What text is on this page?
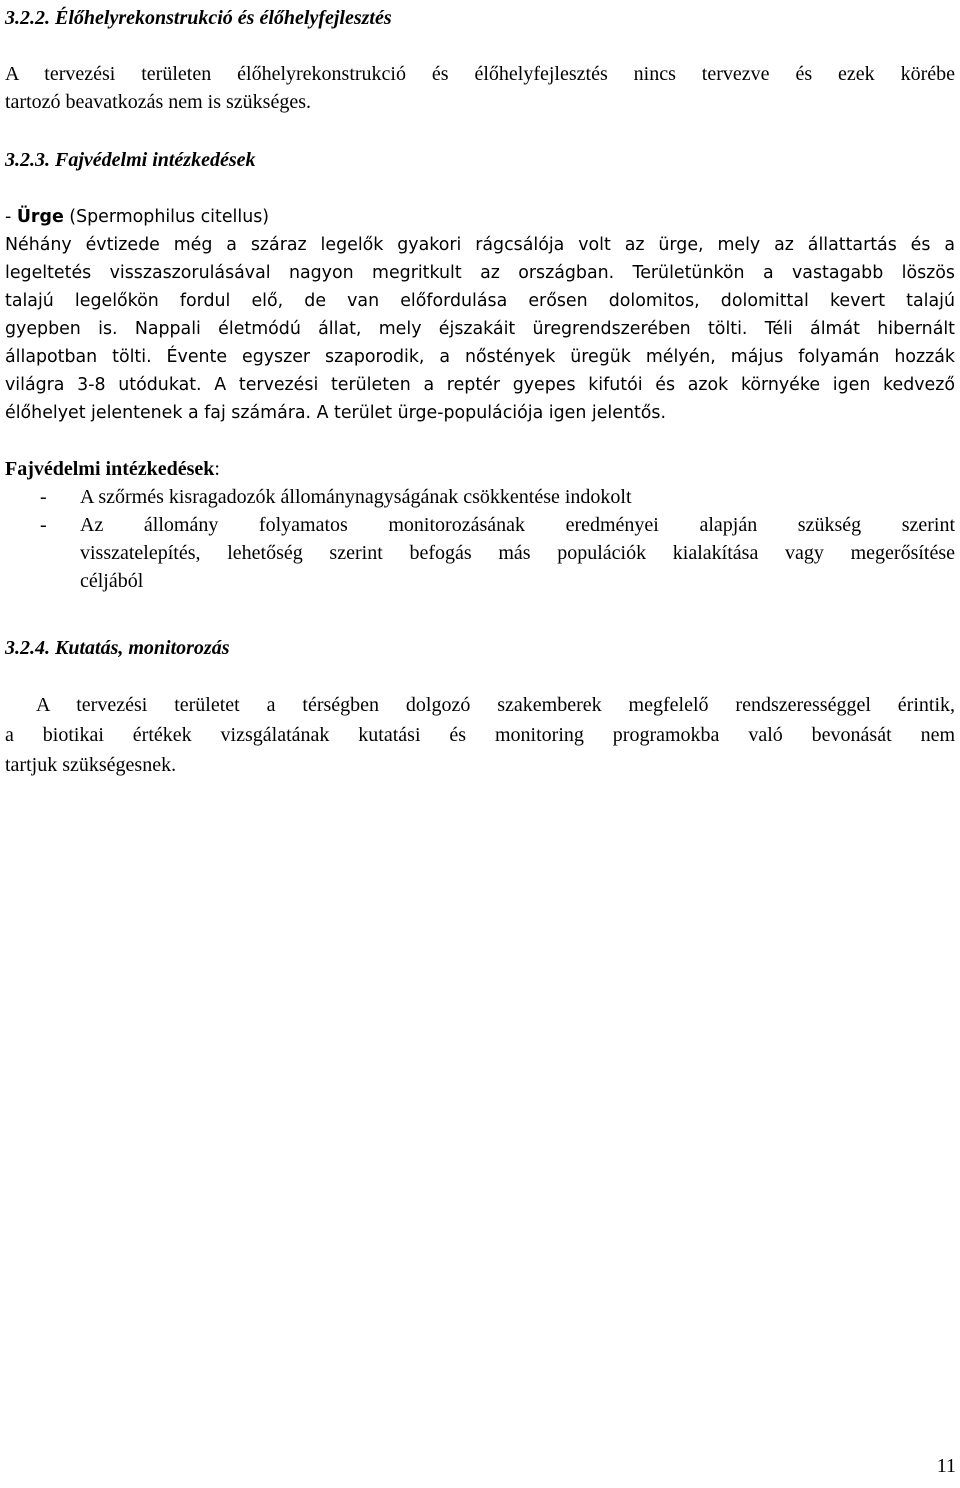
3.2.2. Élőhelyrekonstrukció és élőhelyfejlesztés
A tervezési területen élőhelyrekonstrukció és élőhelyfejlesztés nincs tervezve és ezek körébe
tartozó beavatkozás nem is szükséges.
3.2.3. Fajvédelmi intézkedések
- Ürge (Spermophilus citellus)
Néhány évtizede még a száraz legelők gyakori rágcsálója volt az ürge, mely az állattartás és a
legeltetés visszaszorulásával nagyon megritkult az országban. Területünkön a vastagabb löszös
talajú legelőkön fordul elő, de van előfordulása erősen dolomitos, dolomittal kevert talajú
gyepben is. Nappali életmódú állat, mely éjszakáit üregrendszerében tölti. Téli álmát hibernált
állapotban tölti. Évente egyszer szaporodik, a nőstények üregük mélyén, május folyamán hozzák
világra 3-8 utódukat. A tervezési területen a reptér gyepes kifutói és azok környéke igen kedvező
élőhelyet jelentenek a faj számára. A terület ürge-populációja igen jelentős.
Fajvédelmi intézkedések:
- A szőrmés kisragadozók állománynagyságának csökkentése indokolt
- Az állomány folyamatos monitorozásának eredményei alapján szükség szerint
visszatelepítés, lehetőség szerint befogás más populációk kialakítása vagy megerősítése
céljából
3.2.4. Kutatás, monitorozás
A tervezési területet a térségben dolgozó szakemberek megfelelő rendszerességgel érintik,
a biotikai értékek vizsgálatának kutatási és monitoring programokba való bevonását nem
tartjuk szükségesnek.
11
